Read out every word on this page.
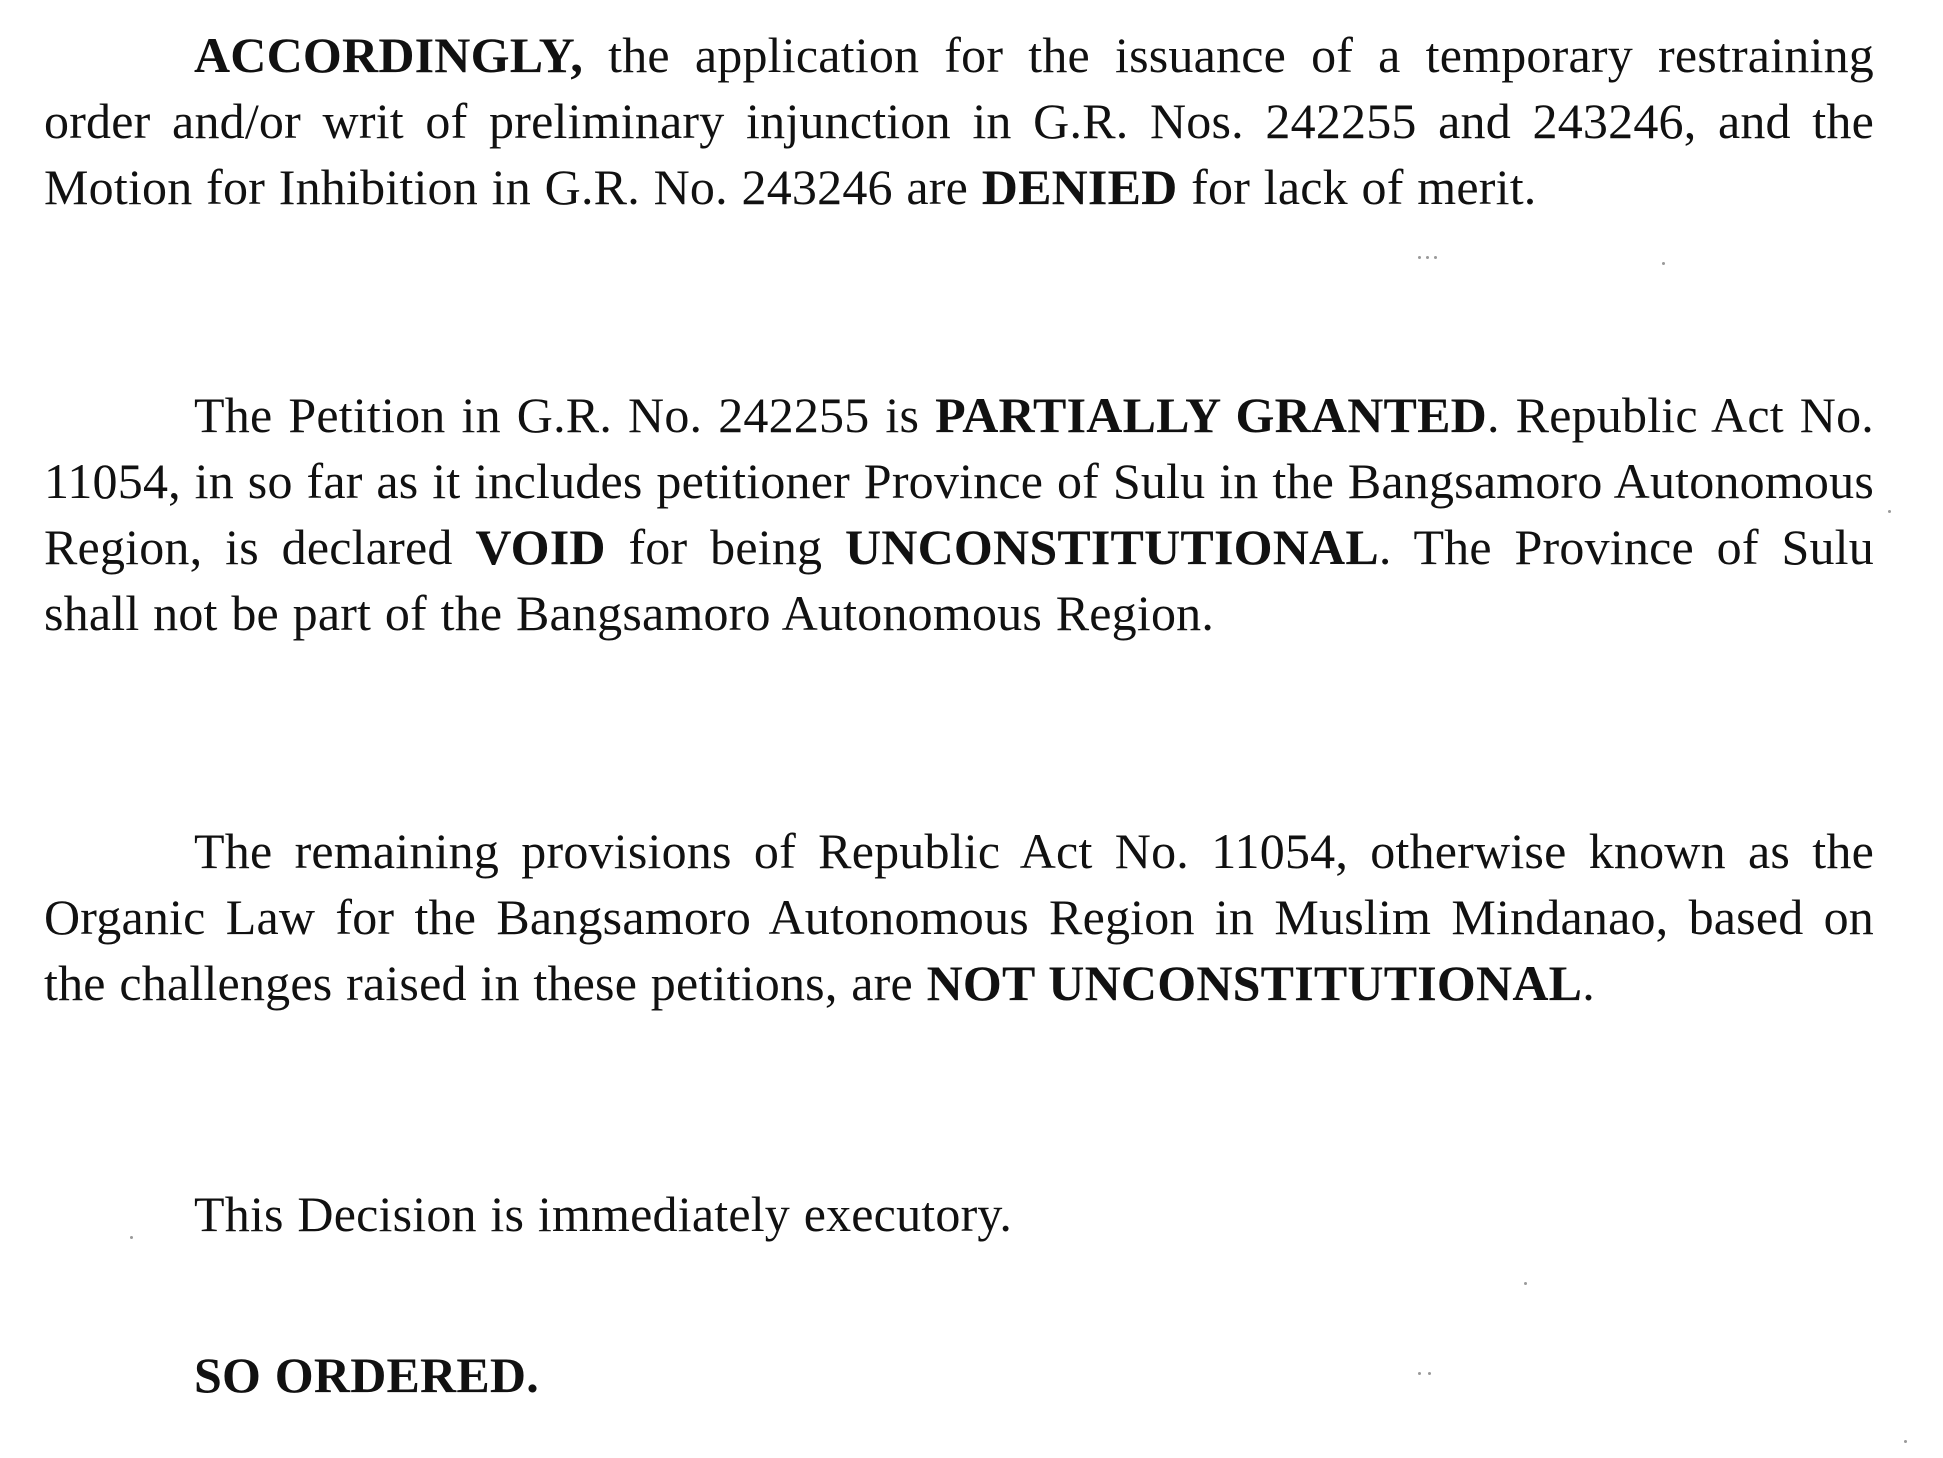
ACCORDINGLY, the application for the issuance of a temporary restraining order and/or writ of preliminary injunction in G.R. Nos. 242255 and 243246, and the Motion for Inhibition in G.R. No. 243246 are DENIED for lack of merit.

The Petition in G.R. No. 242255 is PARTIALLY GRANTED. Republic Act No. 11054, in so far as it includes petitioner Province of Sulu in the Bangsamoro Autonomous Region, is declared VOID for being UNCONSTITUTIONAL. The Province of Sulu shall not be part of the Bangsamoro Autonomous Region.

The remaining provisions of Republic Act No. 11054, otherwise known as the Organic Law for the Bangsamoro Autonomous Region in Muslim Mindanao, based on the challenges raised in these petitions, are NOT UNCONSTITUTIONAL.

This Decision is immediately executory.

SO ORDERED.
